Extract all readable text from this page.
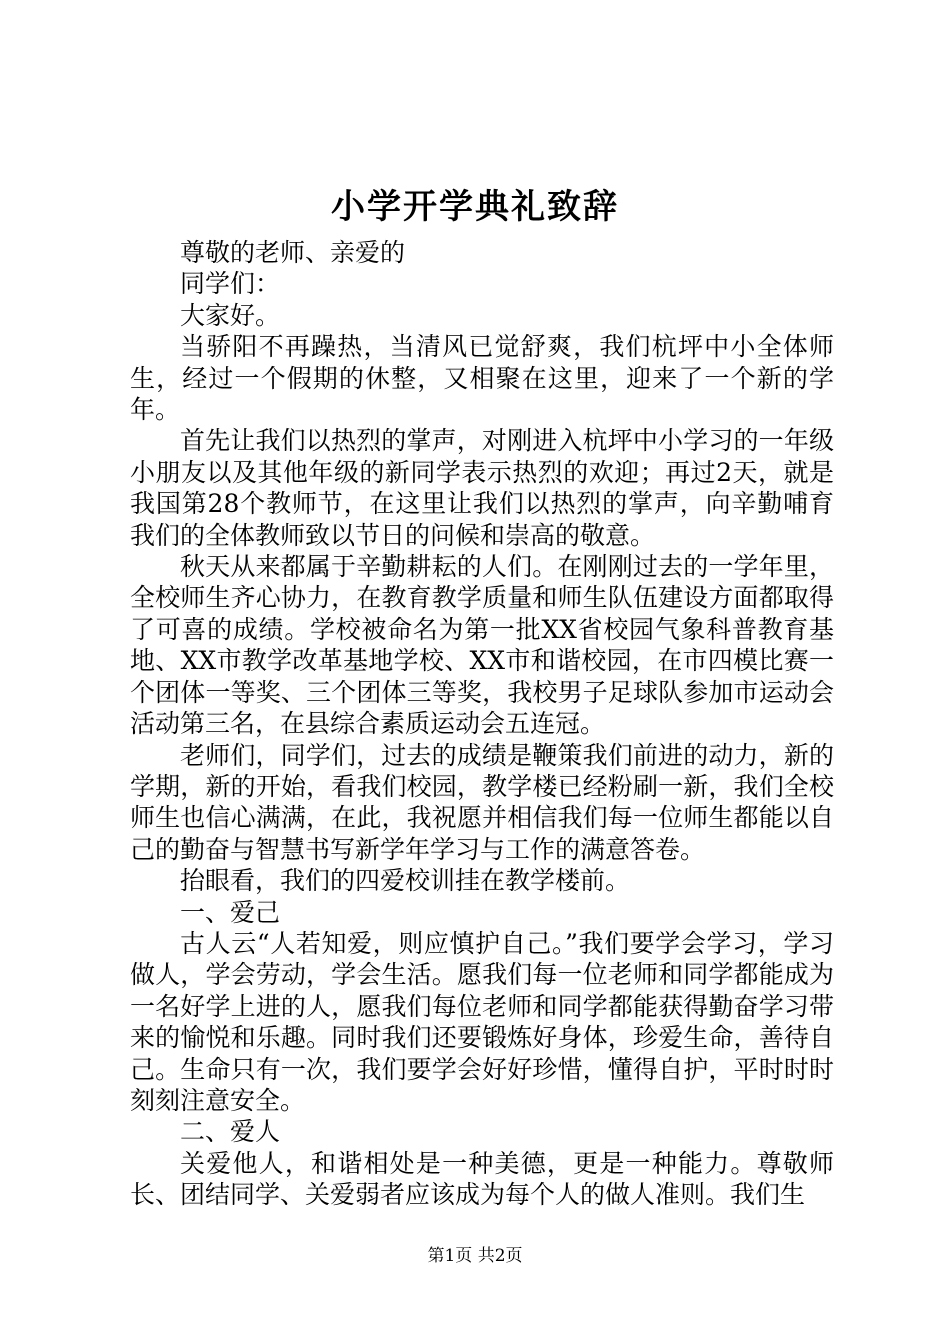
小学开学典礼致辞

尊敬的老师、亲爱的

同学们：

大家好。

当骄阳不再躁热，当清风已觉舒爽，我们杭坪中小全体师生，经过一个假期的休整，又相聚在这里，迎来了一个新的学年。

首先让我们以热烈的掌声，对刚进入杭坪中小学习的一年级小朋友以及其他年级的新同学表示热烈的欢迎；再过2天，就是我国第28个教师节，在这里让我们以热烈的掌声，向辛勤哺育我们的全体教师致以节日的问候和崇高的敬意。

秋天从来都属于辛勤耕耘的人们。在刚刚过去的一学年里，全校师生齐心协力，在教育教学质量和师生队伍建设方面都取得了可喜的成绩。学校被命名为第一批XX省校园气象科普教育基地、XX市教学改革基地学校、XX市和谐校园，在市四模比赛一个团体一等奖、三个团体三等奖，我校男子足球队参加市运动会活动第三名，在县综合素质运动会五连冠。

老师们，同学们，过去的成绩是鞭策我们前进的动力，新的学期，新的开始，看我们校园，教学楼已经粉刷一新，我们全校师生也信心满满，在此，我祝愿并相信我们每一位师生都能以自己的勤奋与智慧书写新学年学习与工作的满意答卷。

抬眼看，我们的四爱校训挂在教学楼前。

一、爱己

古人云“人若知爱，则应慎护自己。”我们要学会学习，学习做人，学会劳动，学会生活。愿我们每一位老师和同学都能成为一名好学上进的人，愿我们每位老师和同学都能获得勤奋学习带来的愉悦和乐趣。同时我们还要锻炼好身体，珍爱生命，善待自己。生命只有一次，我们要学会好好珍惜，懂得自护，平时时时刻刻注意安全。

二、爱人

关爱他人，和谐相处是一种美德，更是一种能力。尊敬师长、团结同学、关爱弱者应该成为每个人的做人准则。我们生

第1页 共2页
